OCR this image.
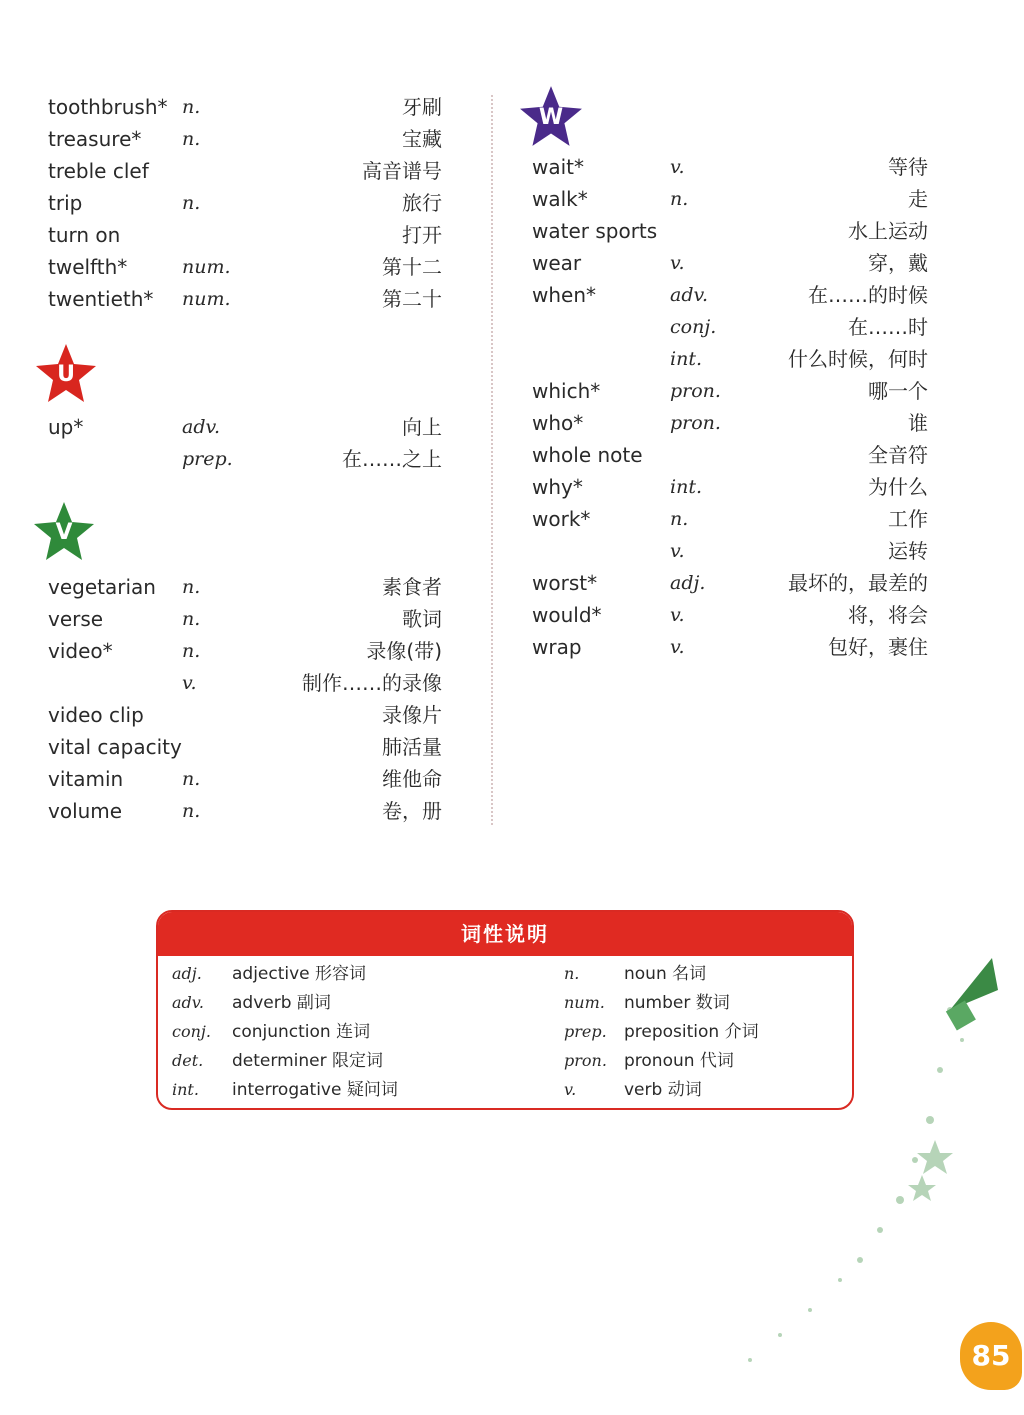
toothbrush* n.	牙刷
treasure* n.	宝藏
treble clef	高音谱号
trip	n.	旅行
turn on	打开
twelfth*	num.	第十二
twentieth* num.	第二十
U
up*	adv.	向上
prep.	在……之上
V
vegetarian n.	素食者
verse	n.	歌词
video*	n.	录像(带)
v.	制作……的录像
video clip	录像片
vital capacity	肺活量
vitamin	n.	维他命
volume	n.	卷，册
W
wait*	v.	等待
walk*	n.	走
water sports	水上运动
wear	v.	穿，戴
when*	adv.	在……的时候
conj.	在……时
int.	什么时候，何时
which*	pron.	哪一个
who*	pron.	谁
whole note	全音符
why*	int.	为什么
work*	n.	工作
v.	运转
worst*	adj.	最坏的，最差的
would*	v.	将，将会
wrap	v.	包好，裹住
词性说明
adj. adjective 形容词
adv. adverb 副词
conj. conjunction 连词
det. determiner 限定词
int. interrogative 疑问词
n.	noun 名词
num. number 数词
prep. preposition 介词
pron. pronoun 代词
v.	verb 动词
85
